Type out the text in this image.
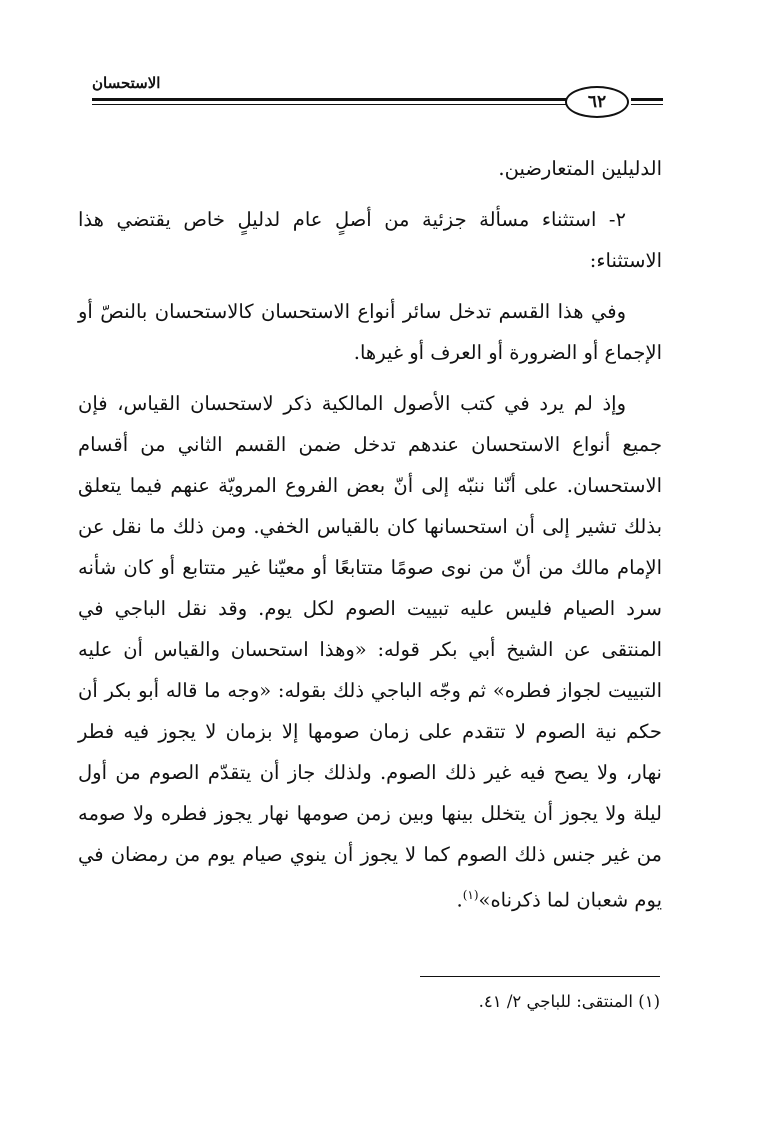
الاستحسان
٦٢

الدليلين المتعارضين.

٢- استثناء مسألة جزئية من أصلٍ عام لدليلٍ خاص يقتضي هذا الاستثناء:

وفي هذا القسم تدخل سائر أنواع الاستحسان كالاستحسان بالنصّ أو الإجماع أو الضرورة أو العرف أو غيرها.

وإذ لم يرد في كتب الأصول المالكية ذكر لاستحسان القياس، فإن جميع أنواع الاستحسان عندهم تدخل ضمن القسم الثاني من أقسام الاستحسان. على أنّنا ننبّه إلى أنّ بعض الفروع المرويّة عنهم فيما يتعلق بذلك تشير إلى أن استحسانها كان بالقياس الخفي. ومن ذلك ما نقل عن الإمام مالك من أنّ من نوى صومًا متتابعًا أو معيّنا غير متتابع أو كان شأنه سرد الصيام فليس عليه تبييت الصوم لكل يوم. وقد نقل الباجي في المنتقى عن الشيخ أبي بكر قوله: «وهذا استحسان والقياس أن عليه التبييت لجواز فطره» ثم وجّه الباجي ذلك بقوله: «وجه ما قاله أبو بكر أن حكم نية الصوم لا تتقدم على زمان صومها إلا بزمان لا يجوز فيه فطر نهار، ولا يصح فيه غير ذلك الصوم. ولذلك جاز أن يتقدّم الصوم من أول ليلة ولا يجوز أن يتخلل بينها وبين زمن صومها نهار يجوز فطره ولا صومه من غير جنس ذلك الصوم كما لا يجوز أن ينوي صيام يوم من رمضان في يوم شعبان لما ذكرناه»$^{(١)}$.

(١) المنتقى: للباجي ٢/ ٤١.
